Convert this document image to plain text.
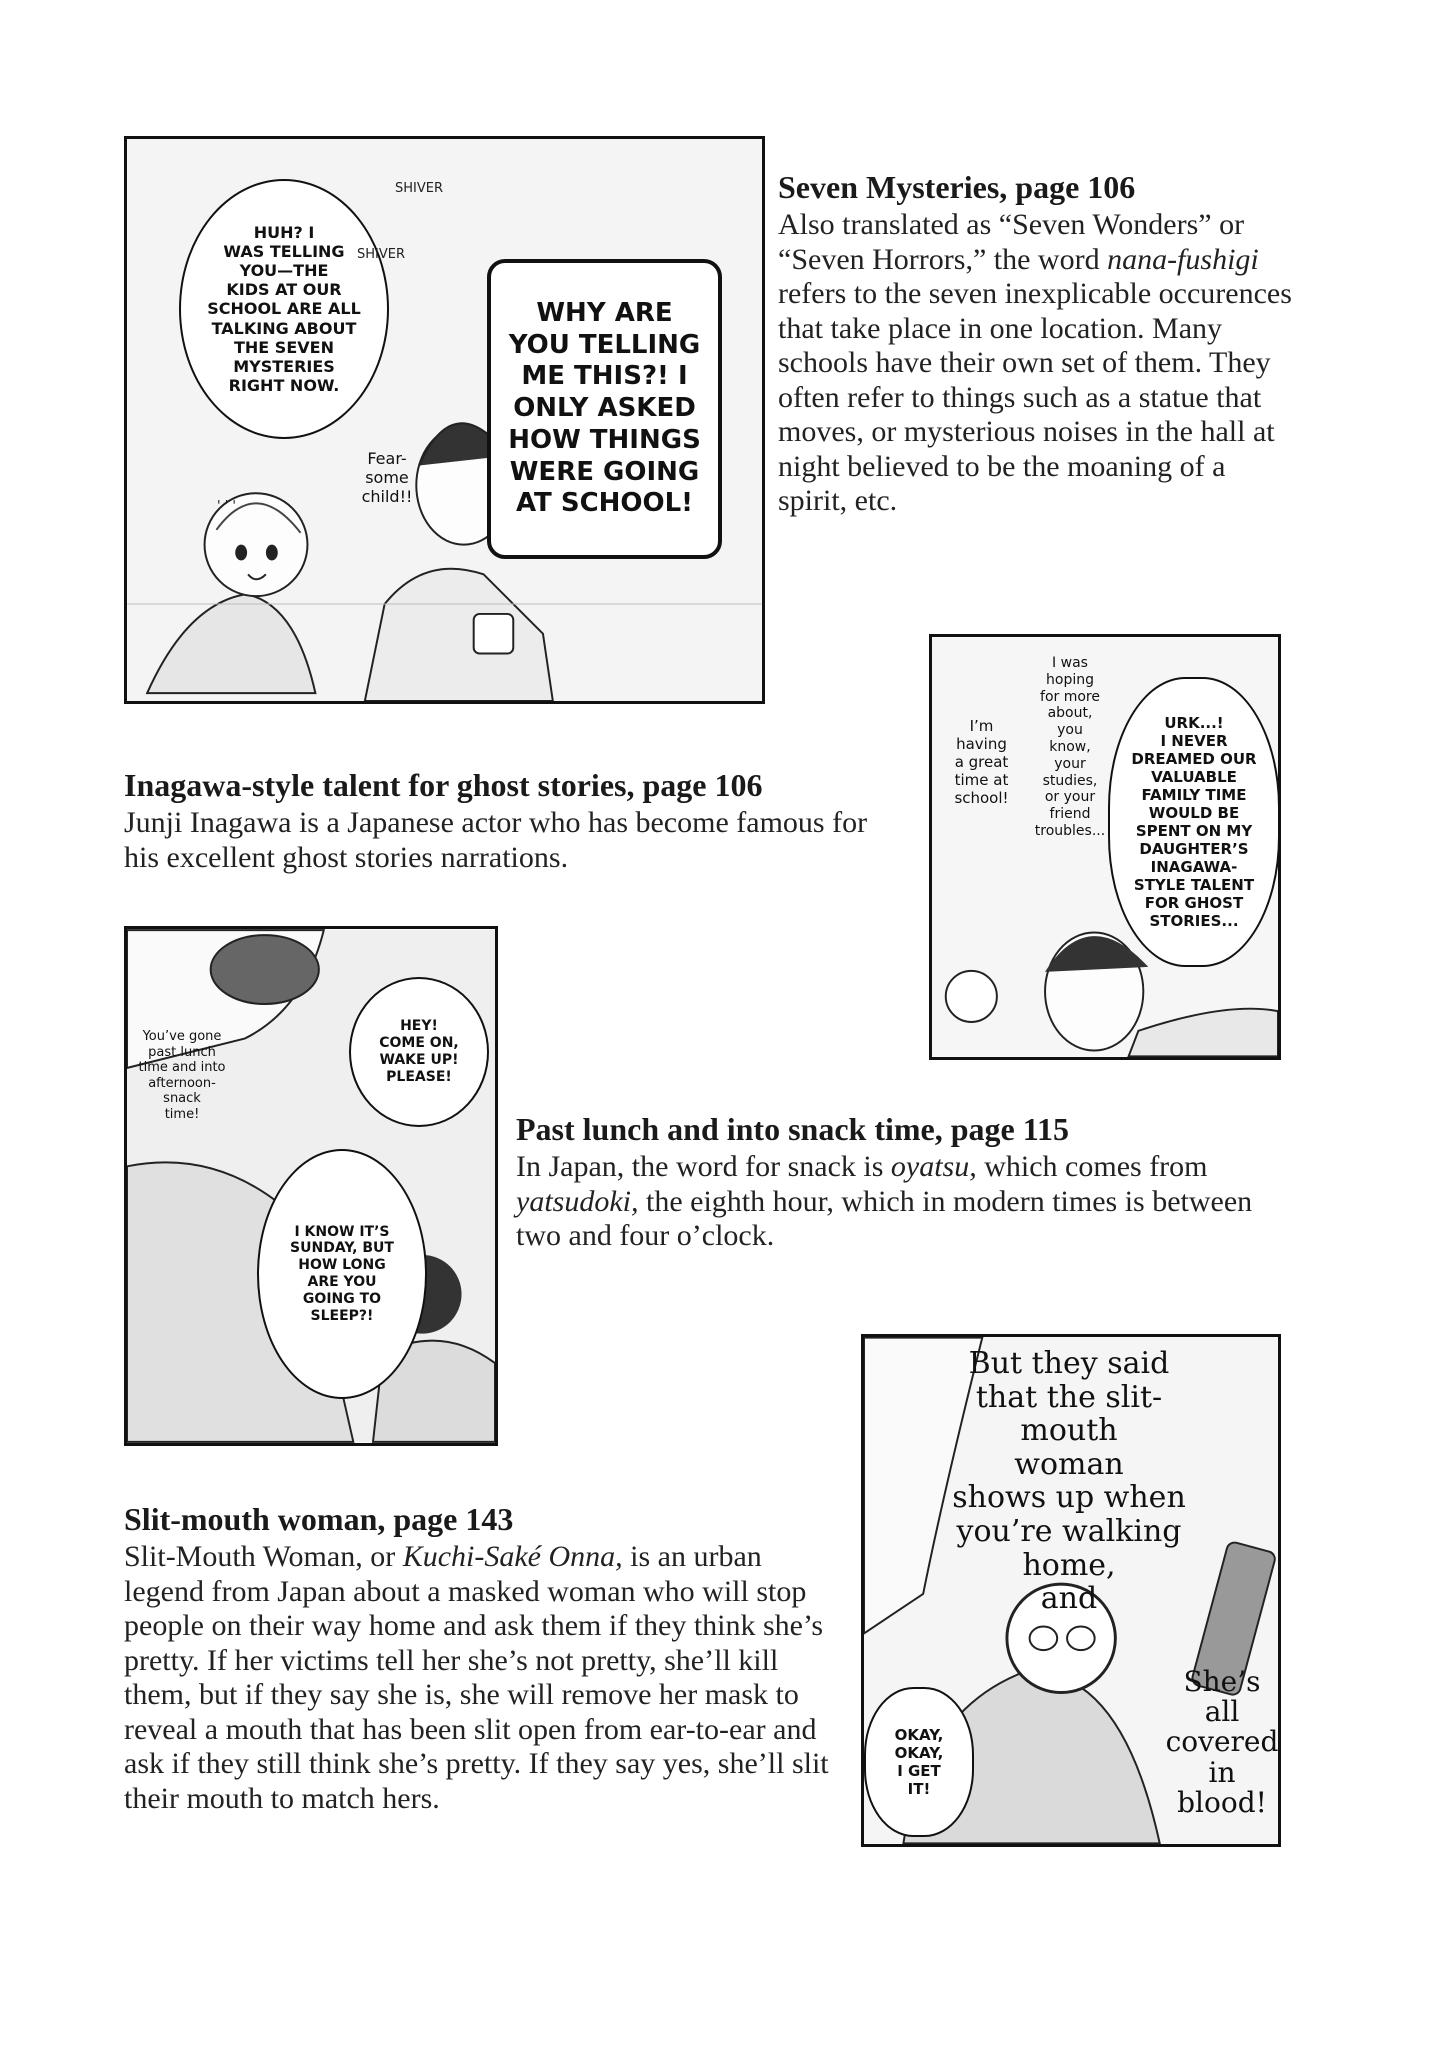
HUH? I
WAS TELLING
YOU—THE
KIDS AT OUR
SCHOOL ARE ALL
TALKING ABOUT
THE SEVEN
MYSTERIES
RIGHT NOW.
WHY ARE
YOU TELLING
ME THIS?! I
ONLY ASKED
HOW THINGS
WERE GOING
AT SCHOOL!
Fear-
some
child!!
SHIVER
SHIVER
' ' '
Seven Mysteries, page 106

Also translated as “Seven Wonders” or “Seven Horrors,” the word nana-fushigi refers to the seven inexplicable occurences that take place in one location. Many schools have their own set of them. They often refer to things such as a statue that moves, or mysterious noises in the hall at night believed to be the moaning of a spirit, etc.

I’m
having
a great
time at
school!
I was
hoping
for more
about,
you
know,
your
studies,
or your
friend
troubles...
URK...!
I NEVER
DREAMED OUR
VALUABLE
FAMILY TIME
WOULD BE
SPENT ON MY
DAUGHTER’S
INAGAWA-
STYLE TALENT
FOR GHOST
STORIES...
Inagawa-style talent for ghost stories, page 106

Junji Inagawa is a Japanese actor who has become famous for his excellent ghost stories narrations.

You’ve gone
past lunch
time and into
afternoon-
snack
time!
HEY!
COME ON,
WAKE UP!
PLEASE!
I KNOW IT’S
SUNDAY, BUT
HOW LONG
ARE YOU
GOING TO
SLEEP?!
Past lunch and into snack time, page 115

In Japan, the word for snack is oyatsu, which comes from yatsudoki, the eighth hour, which in modern times is between two and four o’clock.

But they said
that the slit-
mouth
woman
shows up when
you’re walking
home,
and
She’s
all
covered
in
blood!
OKAY,
OKAY,
I GET
IT!
Slit-mouth woman, page 143

Slit-Mouth Woman, or Kuchi-Saké Onna, is an urban legend from Japan about a masked woman who will stop people on their way home and ask them if they think she’s pretty. If her victims tell her she’s not pretty, she’ll kill them, but if they say she is, she will remove her mask to reveal a mouth that has been slit open from ear-to-ear and ask if they still think she’s pretty. If they say yes, she’ll slit their mouth to match hers.
